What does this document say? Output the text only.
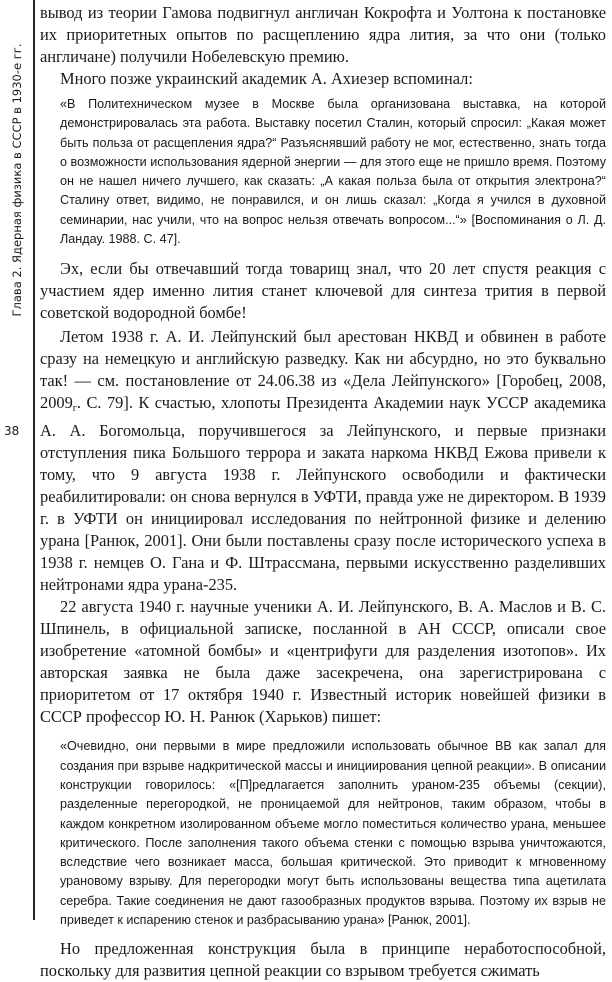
Глава 2. Ядерная физика в СССР в 1930-е гг.
38

вывод из теории Гамова подвигнул англичан Кокрофта и Уолтона к постановке их приоритетных опытов по расщеплению ядра лития, за что они (только англичане) получили Нобелевскую премию.

Много позже украинский академик А. Ахиезер вспоминал:

«В Политехническом музее в Москве была организована выставка, на которой демонстрировалась эта работа. Выставку посетил Сталин, который спросил: „Какая может быть польза от расщепления ядра?“ Разъяснявший работу не мог, естественно, знать тогда о возможности использования ядерной энергии — для этого еще не пришло время. Поэтому он не нашел ничего лучшего, как сказать: „А какая польза была от открытия электрона?“ Сталину ответ, видимо, не понравился, и он лишь сказал: „Когда я учился в духовной семинарии, нас учили, что на вопрос нельзя отвечать вопросом...“» [Воспоминания о Л. Д. Ландау. 1988. С. 47].

Эх, если бы отвечавший тогда товарищ знал, что 20 лет спустя реакция с участием ядер именно лития станет ключевой для синтеза трития в первой советской водородной бомбе!

Летом 1938 г. А. И. Лейпунский был арестован НКВД и обвинен в работе сразу на немецкую и английскую разведку. Как ни абсурдно, но это буквально так! — см. постановление от 24.06.38 из «Дела Лейпунского» [Горобец, 2008, $2009_г$. С. 79]. К счастью, хлопоты Президента Академии наук УССР академика А. А. Богомольца, поручившегося за Лейпунского, и первые признаки отступления пика Большого террора и заката наркома НКВД Ежова привели к тому, что 9 августа 1938 г. Лейпунского освободили и фактически реабилитировали: он снова вернулся в УФТИ, правда уже не директором. В 1939 г. в УФТИ он инициировал исследования по нейтронной физике и делению урана [Ранюк, 2001]. Они были поставлены сразу после исторического успеха в 1938 г. немцев О. Гана и Ф. Штрассмана, первыми искусственно разделивших нейтронами ядра урана-235.

22 августа 1940 г. научные ученики А. И. Лейпунского, В. А. Маслов и В. С. Шпинель, в официальной записке, посланной в АН СССР, описали свое изобретение «атомной бомбы» и «центрифуги для разделения изотопов». Их авторская заявка не была даже засекречена, она зарегистрирована с приоритетом от 17 октября 1940 г. Известный историк новейшей физики в СССР профессор Ю. Н. Ранюк (Харьков) пишет:

«Очевидно, они первыми в мире предложили использовать обычное ВВ как запал для создания при взрыве надкритической массы и инициирования цепной реакции». В описании конструкции говорилось: «[П]редлагается заполнить ураном-235 объемы (секции), разделенные перегородкой, не проницаемой для нейтронов, таким образом, чтобы в каждом конкретном изолированном объеме могло поместиться количество урана, меньшее критического. После заполнения такого объема стенки с помощью взрыва уничтожаются, вследствие чего возникает масса, большая критической. Это приводит к мгновенному урановому взрыву. Для перегородки могут быть использованы вещества типа ацетилата серебра. Такие соединения не дают газообразных продуктов взрыва. Поэтому их взрыв не приведет к испарению стенок и разбрасыванию урана» [Ранюк, 2001].

Но предложенная конструкция была в принципе неработоспособной, поскольку для развития цепной реакции со взрывом требуется сжимать
